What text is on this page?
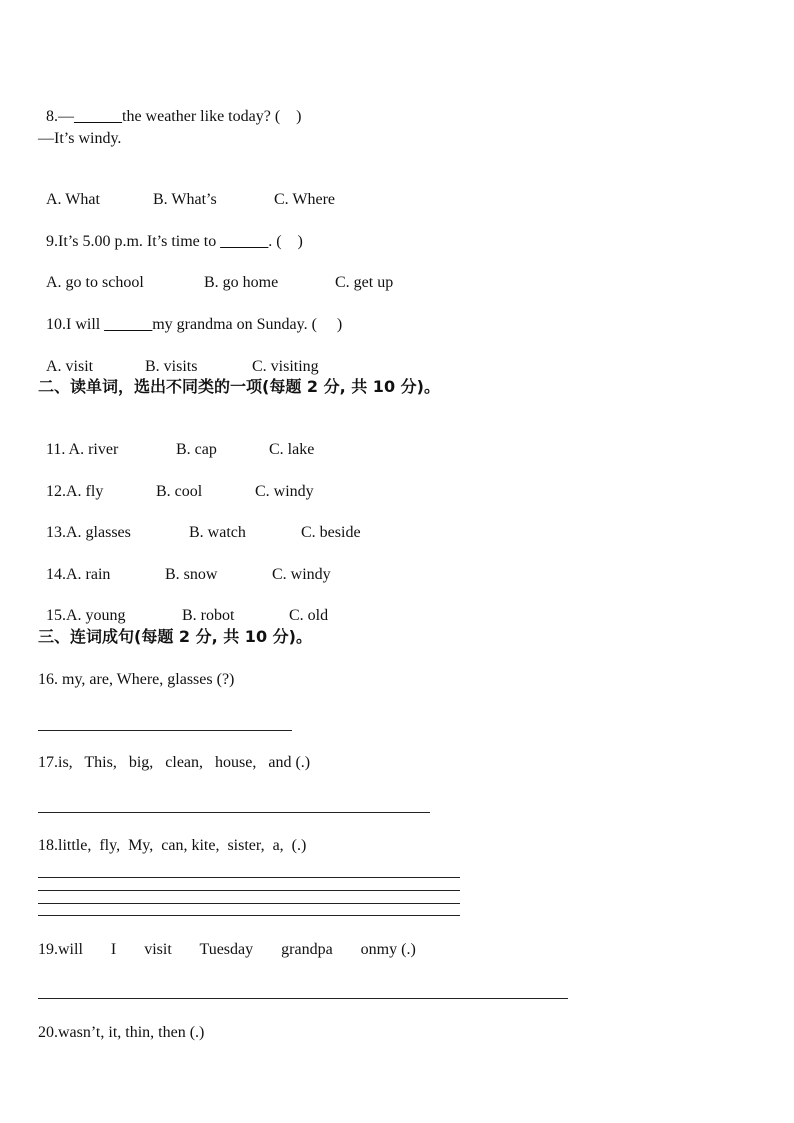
8.—______the weather like today? (    )

—It’s windy.

A. What	B. What’s	C. Where

9.It’s 5.00 p.m. It’s time to ______. (    )

A. go to school	B. go home	C. get up

10.I will ______my grandma on Sunday. (     )

A. visit	B. visits	C. visiting

二、读单词，选出不同类的一项(每题 2 分, 共 10 分)。

11. A. river	B. cap	C. lake

12.A. fly	B. cool	C. windy

13.A. glasses	B. watch	C. beside

14.A. rain	B. snow	C. windy

15.A. young	B. robot	C. old

三、连词成句(每题 2 分, 共 10 分)。
16. my, are, Where, glasses (?)
17.is,   This,   big,   clean,   house,   and (.)
18.little,  fly,  My,  can, kite,  sister,  a,  (.)
19.will       I       visit       Tuesday       grandpa       onmy (.)
20.wasn’t, it, thin, then (.)
